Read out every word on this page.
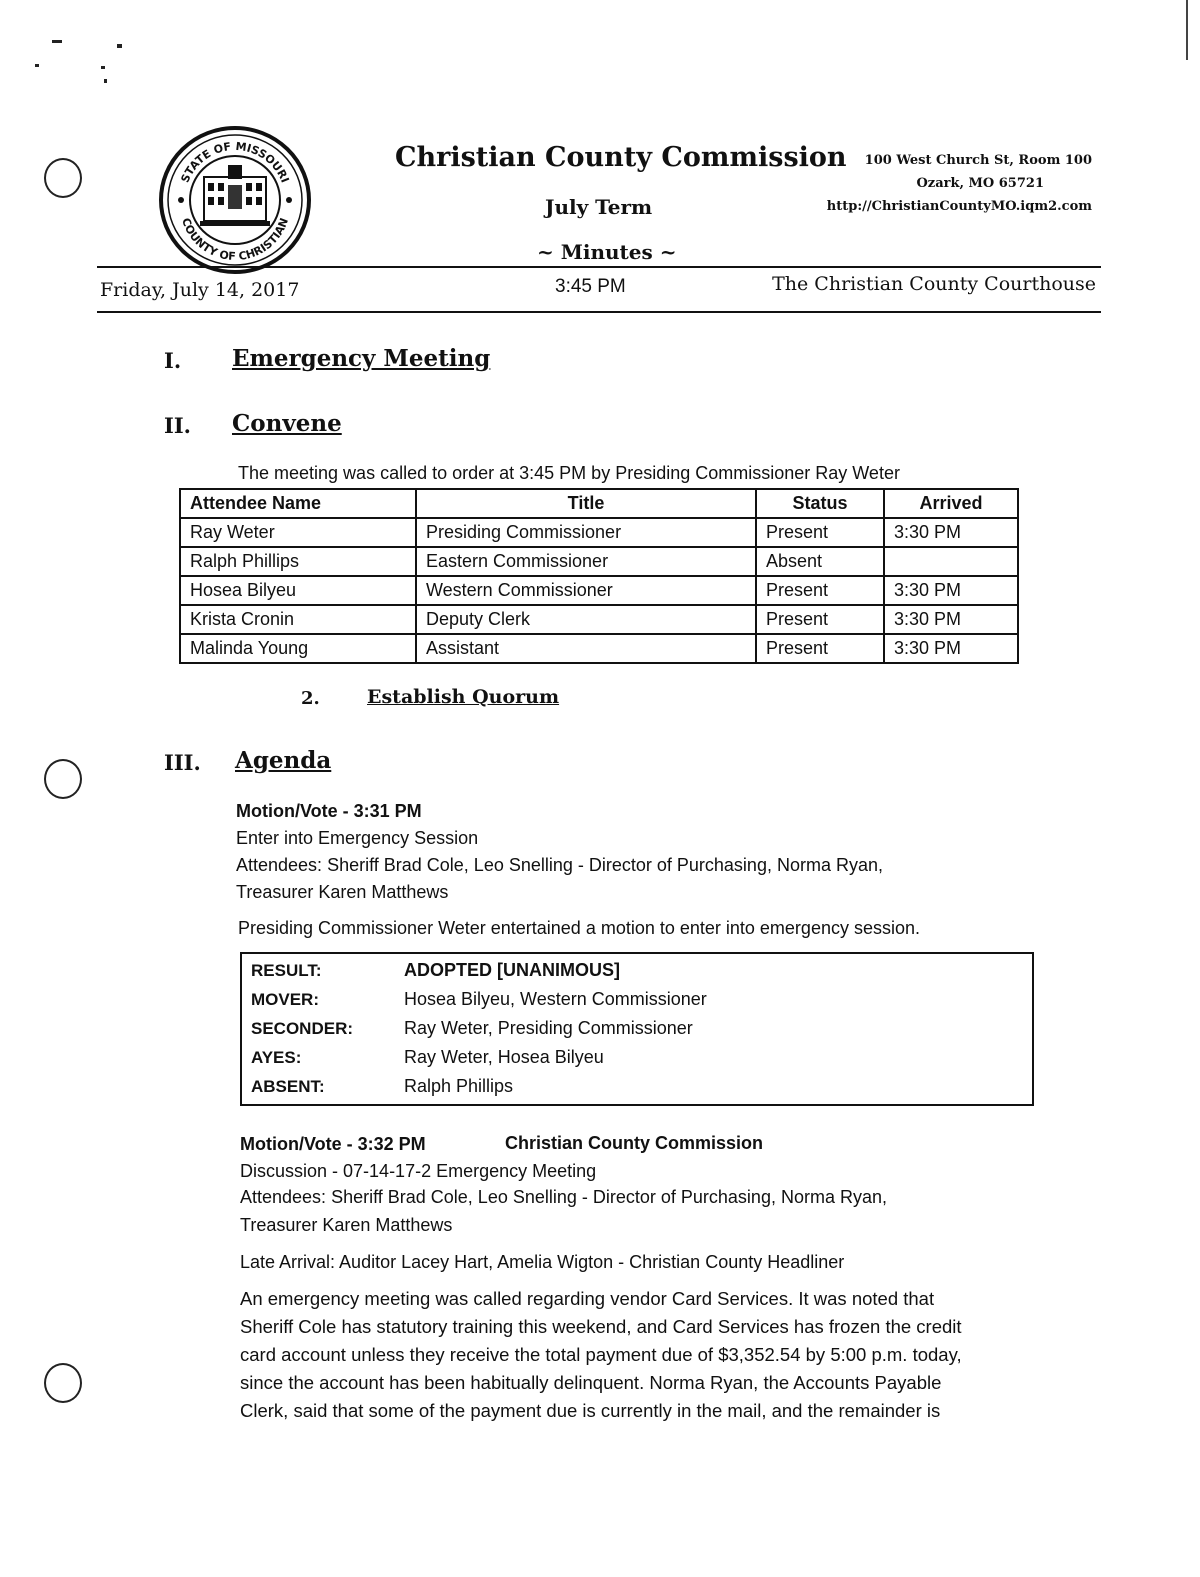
STATE OF MISSOURI
COUNTY OF CHRISTIAN
Christian County Commission
July Term
~ Minutes ~
100 West Church St, Room 100
Ozark, MO 65721
http://ChristianCountyMO.iqm2.com
Friday, July 14, 2017	3:45 PM	The Christian County Courthouse
I. Emergency Meeting
II. Convene
The meeting was called to order at 3:45 PM by Presiding Commissioner Ray Weter
Attendee Name	Title	Status	Arrived
Ray Weter	Presiding Commissioner	Present	3:30 PM
Ralph Phillips	Eastern Commissioner	Absent	
Hosea Bilyeu	Western Commissioner	Present	3:30 PM
Krista Cronin	Deputy Clerk	Present	3:30 PM
Malinda Young	Assistant	Present	3:30 PM
2. Establish Quorum
III. Agenda
Motion/Vote - 3:31 PM
Enter into Emergency Session
Attendees: Sheriff Brad Cole, Leo Snelling - Director of Purchasing, Norma Ryan,
Treasurer Karen Matthews
Presiding Commissioner Weter entertained a motion to enter into emergency session.
RESULT:	ADOPTED [UNANIMOUS]
MOVER:	Hosea Bilyeu, Western Commissioner
SECONDER:	Ray Weter, Presiding Commissioner
AYES:	Ray Weter, Hosea Bilyeu
ABSENT:	Ralph Phillips
Motion/Vote - 3:32 PM	Christian County Commission
Discussion - 07-14-17-2 Emergency Meeting
Attendees: Sheriff Brad Cole, Leo Snelling - Director of Purchasing, Norma Ryan,
Treasurer Karen Matthews
Late Arrival: Auditor Lacey Hart, Amelia Wigton - Christian County Headliner
An emergency meeting was called regarding vendor Card Services. It was noted that
Sheriff Cole has statutory training this weekend, and Card Services has frozen the credit
card account unless they receive the total payment due of $3,352.54 by 5:00 p.m. today,
since the account has been habitually delinquent. Norma Ryan, the Accounts Payable
Clerk, said that some of the payment due is currently in the mail, and the remainder is
